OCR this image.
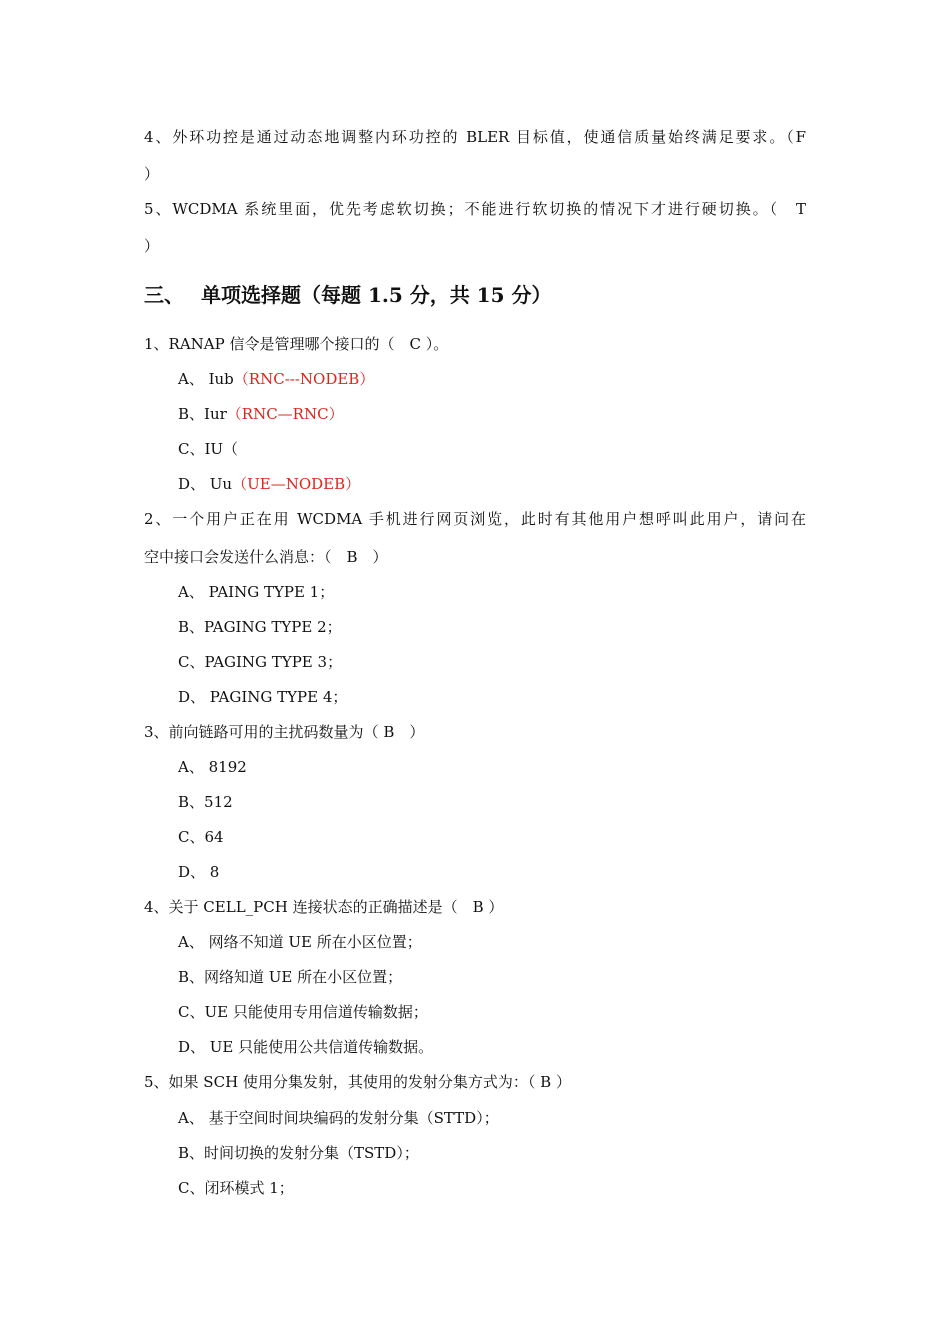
4、外环功控是通过动态地调整内环功控的 BLER 目标值，使通信质量始终满足要求。（F
）
5、WCDMA 系统里面，优先考虑软切换；不能进行软切换的情况下才进行硬切换。（　T
）
三、 单项选择题（每题 1.5 分，共 15 分）
1、RANAP 信令是管理哪个接口的（　C ）。
A、 Iub（RNC---NODEB）
B、Iur（RNC—RNC）
C、IU（
D、 Uu（UE—NODEB）
2、一个用户正在用 WCDMA 手机进行网页浏览，此时有其他用户想呼叫此用户，请问在
空中接口会发送什么消息：（　B　）
A、 PAING TYPE 1；
B、PAGING TYPE 2；
C、PAGING TYPE 3；
D、 PAGING TYPE 4；
3、前向链路可用的主扰码数量为（ B　）
A、 8192
B、512
C、64
D、 8
4、关于 CELL_PCH 连接状态的正确描述是（　B ）
A、 网络不知道 UE 所在小区位置；
B、网络知道 UE 所在小区位置；
C、UE 只能使用专用信道传输数据；
D、 UE 只能使用公共信道传输数据。
5、如果 SCH 使用分集发射，其使用的发射分集方式为：（ B ）
A、 基于空间时间块编码的发射分集（STTD）；
B、时间切换的发射分集（TSTD）；
C、闭环模式 1；
